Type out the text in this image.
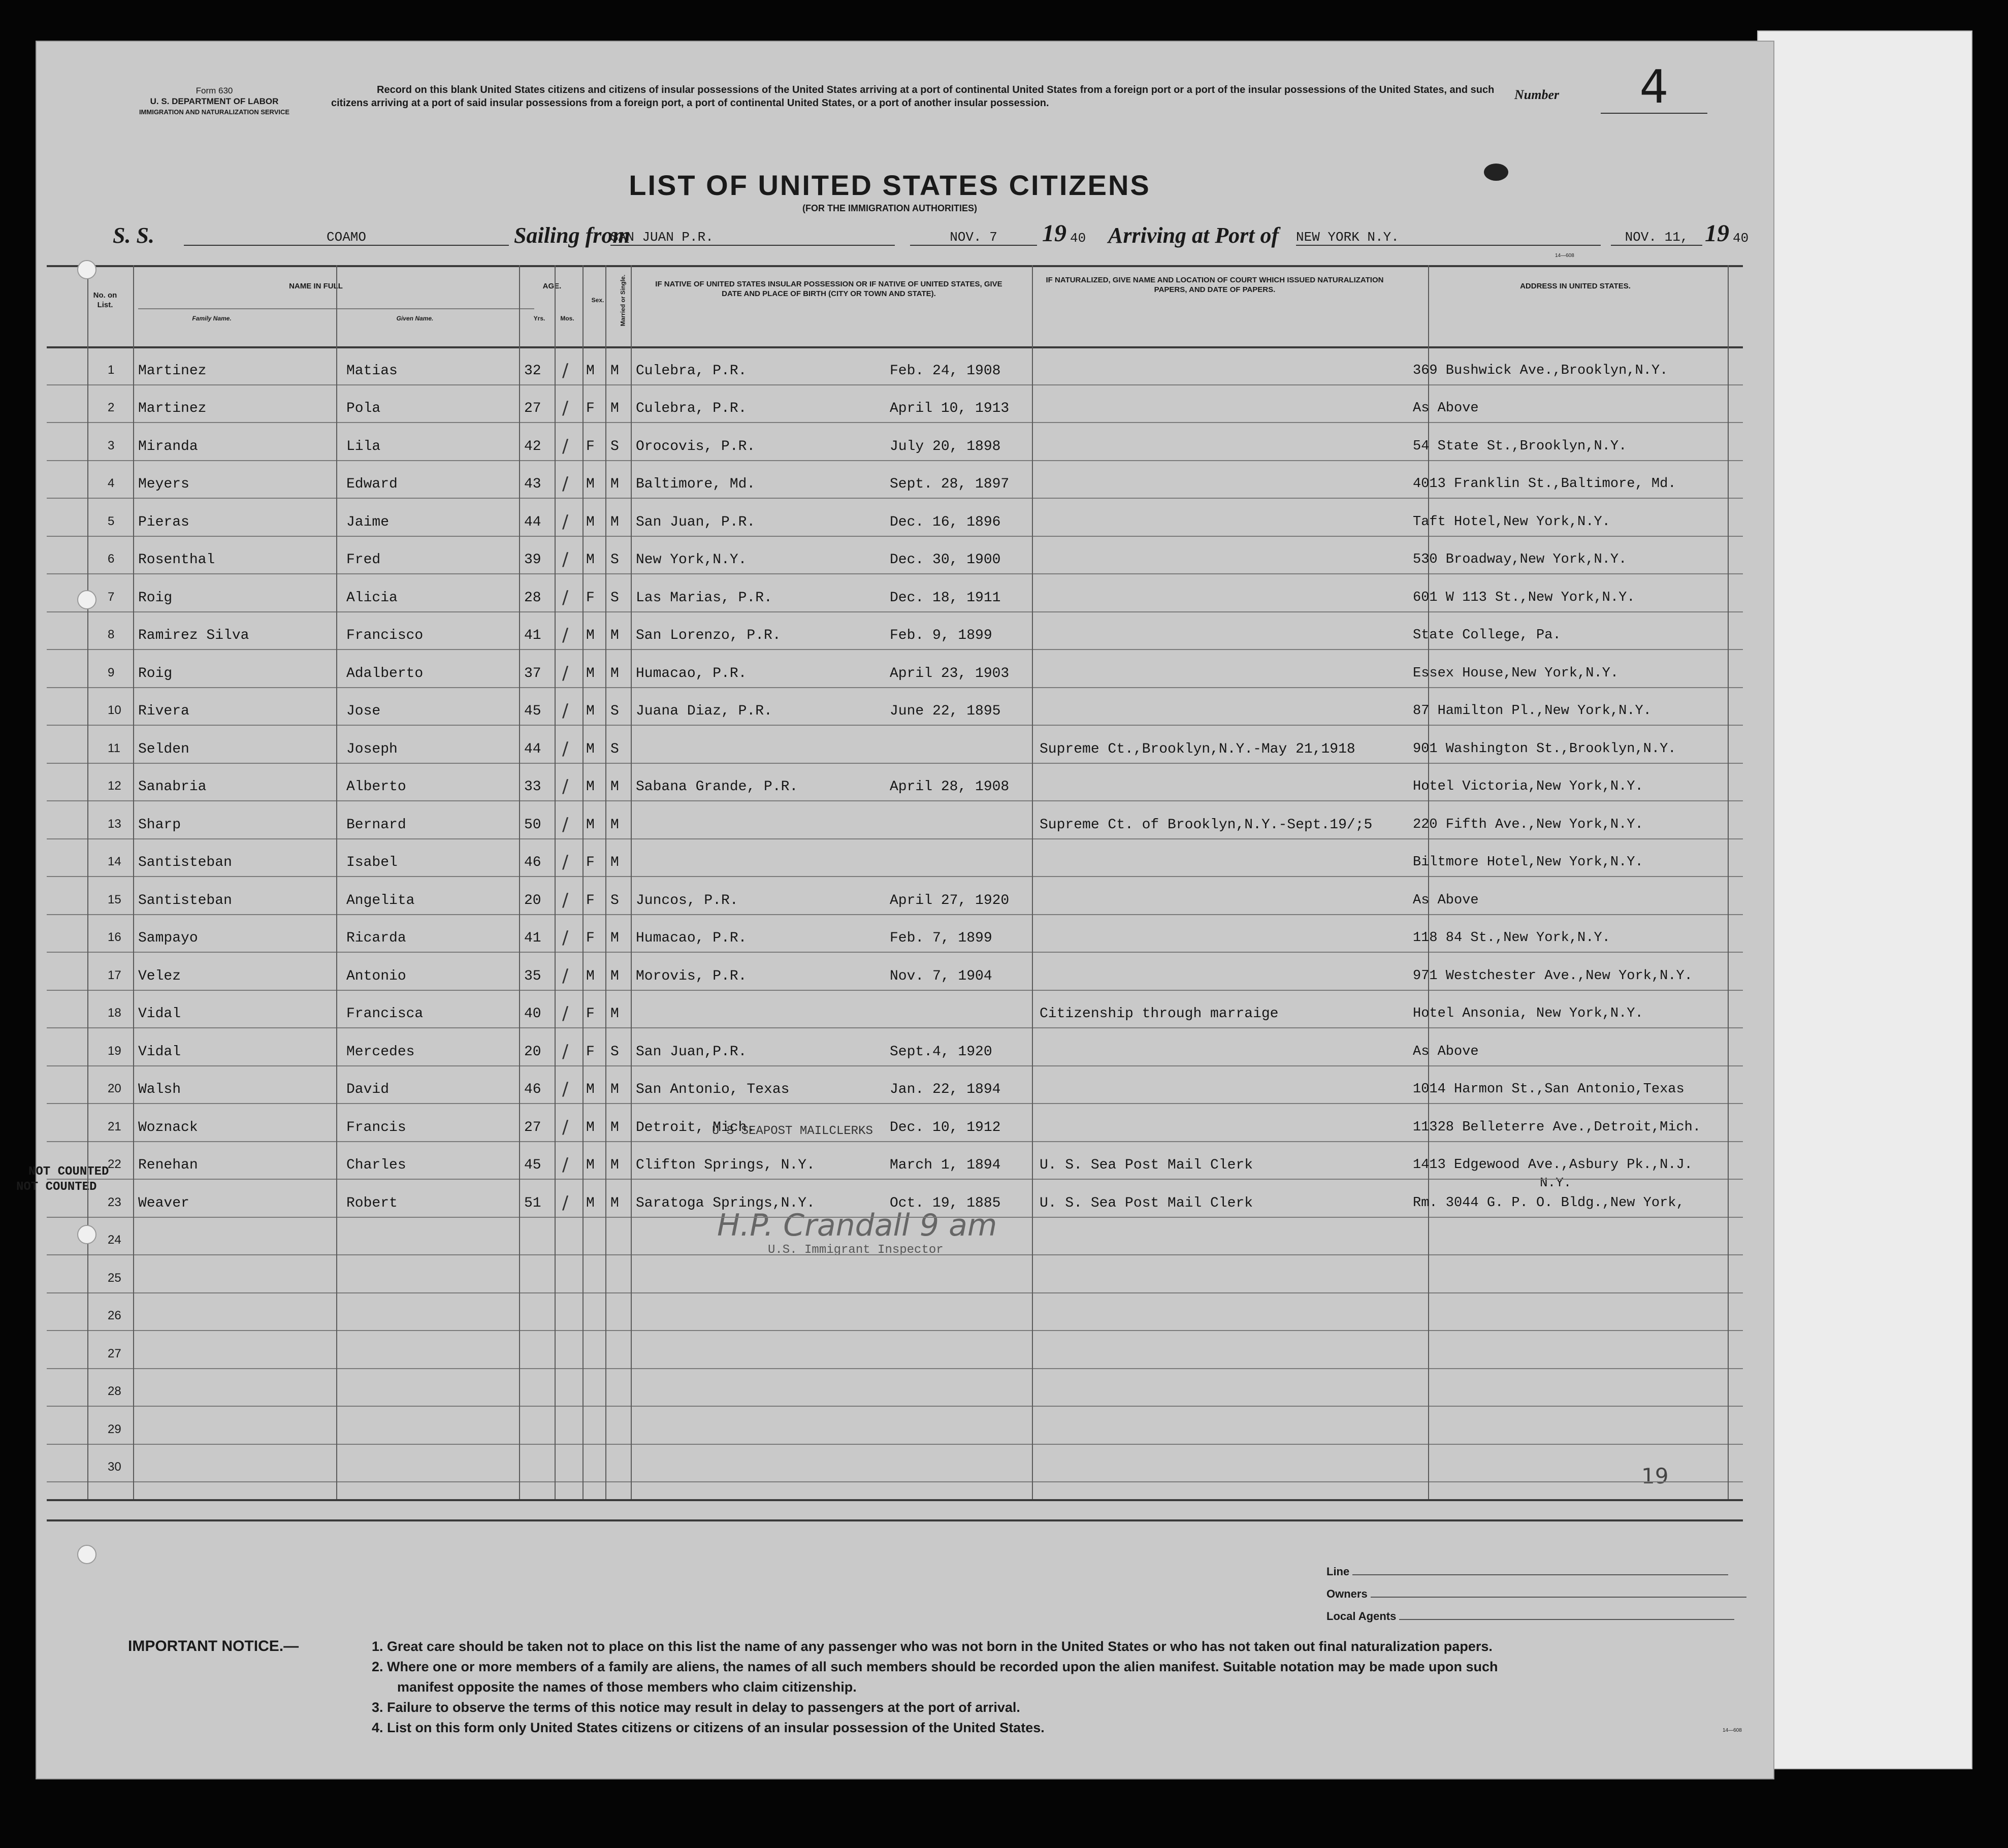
Form 630
U. S. DEPARTMENT OF LABOR
IMMIGRATION AND NATURALIZATION SERVICE
Record on this blank United States citizens and citizens of insular possessions of the United States arriving at a port of continental United States from a foreign port or a port of the insular possessions of the United States, and such citizens arriving at a port of said insular possessions from a foreign port, a port of continental United States, or a port of another insular possession.
Number	4
LIST OF UNITED STATES CITIZENS
(FOR THE IMMIGRATION AUTHORITIES)
S. S.	COAMO	Sailing from
SAN JUAN P.R.	NOV. 7	19 40 Arriving at Port of NEW YORK N.Y.	NOV. 11, 19 40
14—608
No. on List.
NAME IN FULL
Family Name.	Given Name.
AGE.
Yrs.	Mos.
Sex.	Married or Single.	IF NATIVE OF UNITED STATES INSULAR POSSESSION OR IF NATIVE OF UNITED STATES, GIVE DATE AND PLACE OF BIRTH (CITY OR TOWN AND STATE).
IF NATURALIZED, GIVE NAME AND LOCATION OF COURT WHICH ISSUED NATURALIZATION PAPERS, AND DATE OF PAPERS.	ADDRESS IN UNITED STATES.
NOT COUNTED
NOT COUNTED
U S SEAPOST MAILCLERKS
N.Y.
H.P. Crandall 9 am
U.S. Immigrant Inspector
19
1 Martinez	Matias	32	M M Culebra, P.R.	Feb. 24, 1908	369 Bushwick Ave.,Brooklyn,N.Y.
/
2 Martinez	Pola	27	F M Culebra, P.R.	April 10, 1913	As Above
/
3 Miranda	Lila	42	F S Orocovis, P.R.	July 20, 1898	54 State St.,Brooklyn,N.Y.
/
4 Meyers	Edward	43	M M Baltimore, Md.	Sept. 28, 1897	4013 Franklin St.,Baltimore, Md.
/
5 Pieras	Jaime	44	M M San Juan, P.R.	Dec. 16, 1896	Taft Hotel,New York,N.Y.
/
6 Rosenthal	Fred	39	M S New York,N.Y.	Dec. 30, 1900	530 Broadway,New York,N.Y.
/
7 Roig	Alicia	28	F S Las Marias, P.R.	Dec. 18, 1911	601 W 113 St.,New York,N.Y.
/
8 Ramirez Silva	Francisco	41	M M San Lorenzo, P.R.	Feb. 9, 1899	State College, Pa.
/
9 Roig	Adalberto	37	M M Humacao, P.R.	April 23, 1903	Essex House,New York,N.Y.
/
10 Rivera	Jose	45	M S Juana Diaz, P.R.	June 22, 1895	87 Hamilton Pl.,New York,N.Y.
/
11 Selden	Joseph	44	M S	Supreme Ct.,Brooklyn,N.Y.-May 21,1918	901 Washington St.,Brooklyn,N.Y.
/
12 Sanabria	Alberto	33	M M Sabana Grande, P.R.	April 28, 1908	Hotel Victoria,New York,N.Y.
/
13 Sharp	Bernard	50	M M	Supreme Ct. of Brooklyn,N.Y.-Sept.19/;5	220 Fifth Ave.,New York,N.Y.
/
14 Santisteban	Isabel	46	F M	Biltmore Hotel,New York,N.Y.
/
15 Santisteban	Angelita	20	F S Juncos, P.R.	April 27, 1920	As Above
/
16 Sampayo	Ricarda	41	F M Humacao, P.R.	Feb. 7, 1899	118 84 St.,New York,N.Y.
/
17 Velez	Antonio	35	M M Morovis, P.R.	Nov. 7, 1904	971 Westchester Ave.,New York,N.Y.
/
18 Vidal	Francisca	40	F M	Citizenship through marraige	Hotel Ansonia, New York,N.Y.
/
19 Vidal	Mercedes	20	F S San Juan,P.R.	Sept.4, 1920	As Above
/
20 Walsh	David	46	M M San Antonio, Texas	Jan. 22, 1894	1014 Harmon St.,San Antonio,Texas
/
21 Woznack	Francis	27	M M Detroit, Mich.	Dec. 10, 1912	11328 Belleterre Ave.,Detroit,Mich.
/
22 Renehan	Charles	45	M M Clifton Springs, N.Y.	March 1, 1894	U. S. Sea Post Mail Clerk	1413 Edgewood Ave.,Asbury Pk.,N.J.
/
23 Weaver	Robert	51	M M Saratoga Springs,N.Y.	Oct. 19, 1885	U. S. Sea Post Mail Clerk	Rm. 3044 G. P. O. Bldg.,New York,
/
24
25
26
27
28
29
30
Line
Owners
Local Agents
IMPORTANT NOTICE.—	1. Great care should be taken not to place on this list the name of any passenger who was not born in the United States or who has not taken out final naturalization papers.
2. Where one or more members of a family are aliens, the names of all such members should be recorded upon the alien manifest. Suitable notation may be made upon such
manifest opposite the names of those members who claim citizenship.
3. Failure to observe the terms of this notice may result in delay to passengers at the port of arrival.
4. List on this form only United States citizens or citizens of an insular possession of the United States.	14—608
